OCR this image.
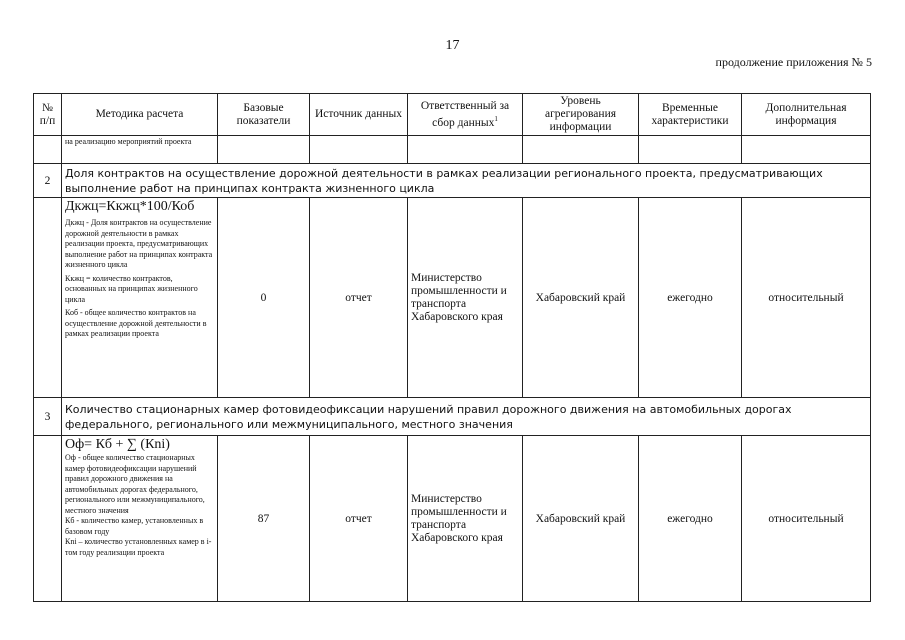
17
продолжение приложения № 5
№ п/п	Методика расчета	Базовые показатели	Источник данных	Ответственный за сбор данных$^1$	Уровень агрегирования информации	Временные характеристики	Дополнительная информация
	на реализацию мероприятий проекта						
2	Доля контрактов на осуществление дорожной деятельности в рамках реализации регионального проекта, предусматривающих выполнение работ на принципах контракта жизненного цикла						

	Дкжц=Ккжц*100/Коб

Дкжц - Доля контрактов на осуществление дорожной деятельности в рамках реализации проекта, предусматривающих выполнение работ на принципах контракта жизненного цикла

Ккжц = количество контрактов, основанных на принципах жизненного цикла

Коб - общее количество контрактов на осуществление дорожной деятельности в рамках реализации проекта	0	отчет	Министерство промышленности и транспорта Хабаровского края	Хабаровский край	ежегодно	относительный
3	Количество стационарных камер фотовидеофиксации нарушений правил дорожного движения на автомобильных дорогах федерального, регионального или межмуниципального, местного значения						

	Оф= Кб + ∑ (Кni)

Оф - общее количество стационарных камер фотовидеофиксации нарушений правил дорожного движения на автомобильных дорогах федерального, регионального или межмуниципального, местного значения

Кб - количество камер, установленных в базовом году

Кni – количество установленных камер в i-том году реализации проекта	87	отчет	Министерство промышленности и транспорта Хабаровского края	Хабаровский край	ежегодно	относительный
